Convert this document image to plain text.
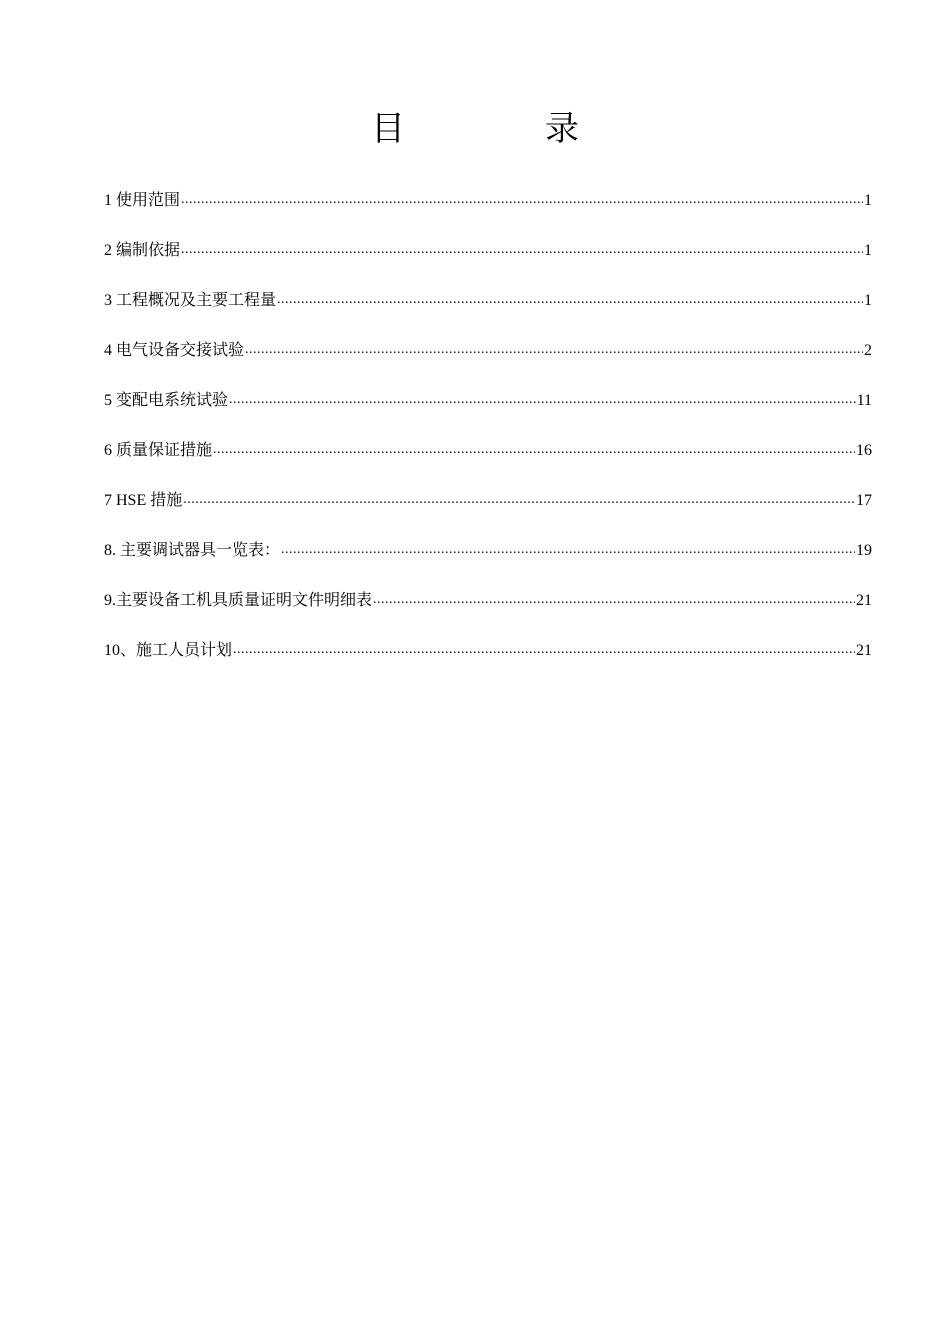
目	录
1 使用范围 .....	1
2 编制依据 .....	1
3 工程概况及主要工程量 .....	1
4 电气设备交接试验 .....	2
5 变配电系统试验 .....	11
6 质量保证措施 .....	16
7 HSE 措施 .....	17
8. 主要调试器具一览表： .....	19
9.主要设备工机具质量证明文件明细表 .....	21
10、施工人员计划 .....	21
